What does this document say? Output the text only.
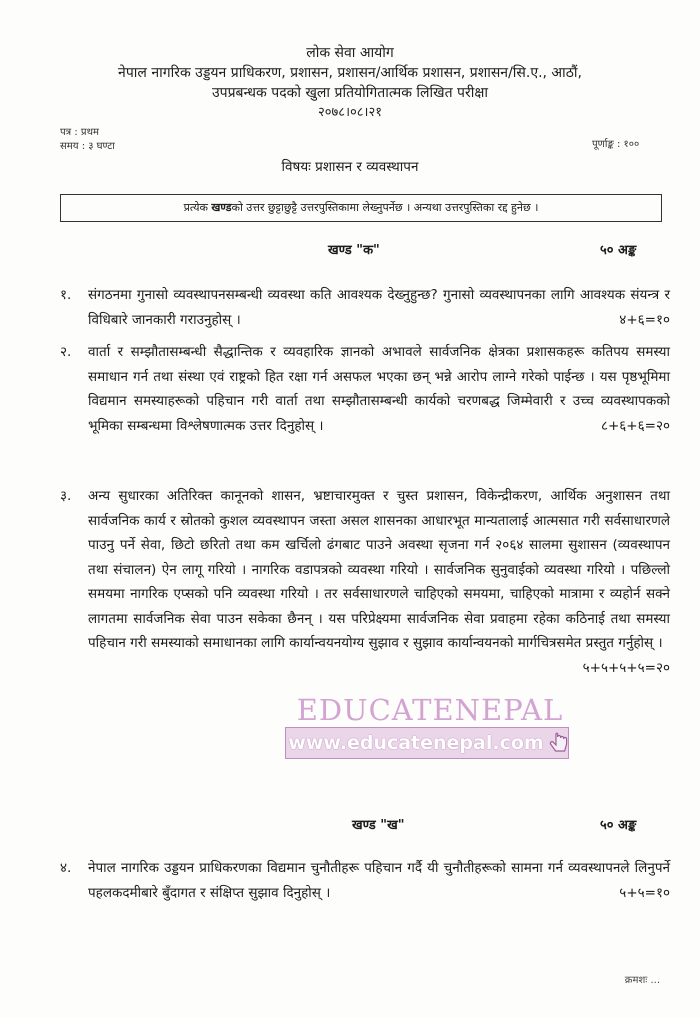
लोक सेवा आयोग
नेपाल नागरिक उड्डयन प्राधिकरण, प्रशासन, प्रशासन/आर्थिक प्रशासन, प्रशासन/सि.ए., आठौं,
उपप्रबन्धक पदको खुला प्रतियोगितात्मक लिखित परीक्षा
२०७८।०८।२१
पत्र : प्रथम
समय : ३ घण्टा	पूर्णाङ्क : १००
विषयः प्रशासन र व्यवस्थापन
प्रत्येक खण्डको उत्तर छुट्टाछुट्टै उत्तरपुस्तिकामा लेख्नुपर्नेछ । अन्यथा उत्तरपुस्तिका रद्द हुनेछ ।
खण्ड "क"	५० अङ्क
१. संगठनमा गुनासो व्यवस्थापनसम्बन्धी व्यवस्था कति आवश्यक देख्नुहुन्छ? गुनासो व्यवस्थापनका लागि आवश्यक संयन्त्र र विधिबारे जानकारी गराउनुहोस् ।	४+६=१०
२. वार्ता र सम्झौतासम्बन्धी सैद्धान्तिक र व्यवहारिक ज्ञानको अभावले सार्वजनिक क्षेत्रका प्रशासकहरू कतिपय समस्या समाधान गर्न तथा संस्था एवं राष्ट्रको हित रक्षा गर्न असफल भएका छन् भन्ने आरोप लाग्ने गरेको पाईन्छ । यस पृष्ठभूमिमा विद्यमान समस्याहरूको पहिचान गरी वार्ता तथा सम्झौतासम्बन्धी कार्यको चरणबद्ध जिम्मेवारी र उच्च व्यवस्थापकको भूमिका सम्बन्धमा विश्लेषणात्मक उत्तर दिनुहोस् ।	८+६+६=२०
३. अन्य सुधारका अतिरिक्त कानूनको शासन, भ्रष्टाचारमुक्त र चुस्त प्रशासन, विकेन्द्रीकरण, आर्थिक अनुशासन तथा सार्वजनिक कार्य र स्रोतको कुशल व्यवस्थापन जस्ता असल शासनका आधारभूत मान्यतालाई आत्मसात गरी सर्वसाधारणले पाउनु पर्ने सेवा, छिटो छरितो तथा कम खर्चिलो ढंगबाट पाउने अवस्था सृजना गर्न २०६४ सालमा सुशासन (व्यवस्थापन तथा संचालन) ऐन लागू गरियो । नागरिक वडापत्रको व्यवस्था गरियो । सार्वजनिक सुनुवाईको व्यवस्था गरियो । पछिल्लो समयमा नागरिक एप्सको पनि व्यवस्था गरियो । तर सर्वसाधारणले चाहिएको समयमा, चाहिएको मात्रामा र व्यहोर्न सक्ने लागतमा सार्वजनिक सेवा पाउन सकेका छैनन् । यस परिप्रेक्ष्यमा सार्वजनिक सेवा प्रवाहमा रहेका कठिनाई तथा समस्या पहिचान गरी समस्याको समाधानका लागि कार्यान्वयनयोग्य सुझाव र सुझाव कार्यान्वयनको मार्गचित्रसमेत प्रस्तुत गर्नुहोस् ।
५+५+५+५=२०
EDUCATENEPAL
www.educatenepal.com
खण्ड "ख"	५० अङ्क
४. नेपाल नागरिक उड्डयन प्राधिकरणका विद्यमान चुनौतीहरू पहिचान गर्दै यी चुनौतीहरूको सामना गर्न व्यवस्थापनले लिनुपर्ने पहलकदमीबारे बुँदागत र संक्षिप्त सुझाव दिनुहोस् ।	५+५=१०
क्रमशः ...
